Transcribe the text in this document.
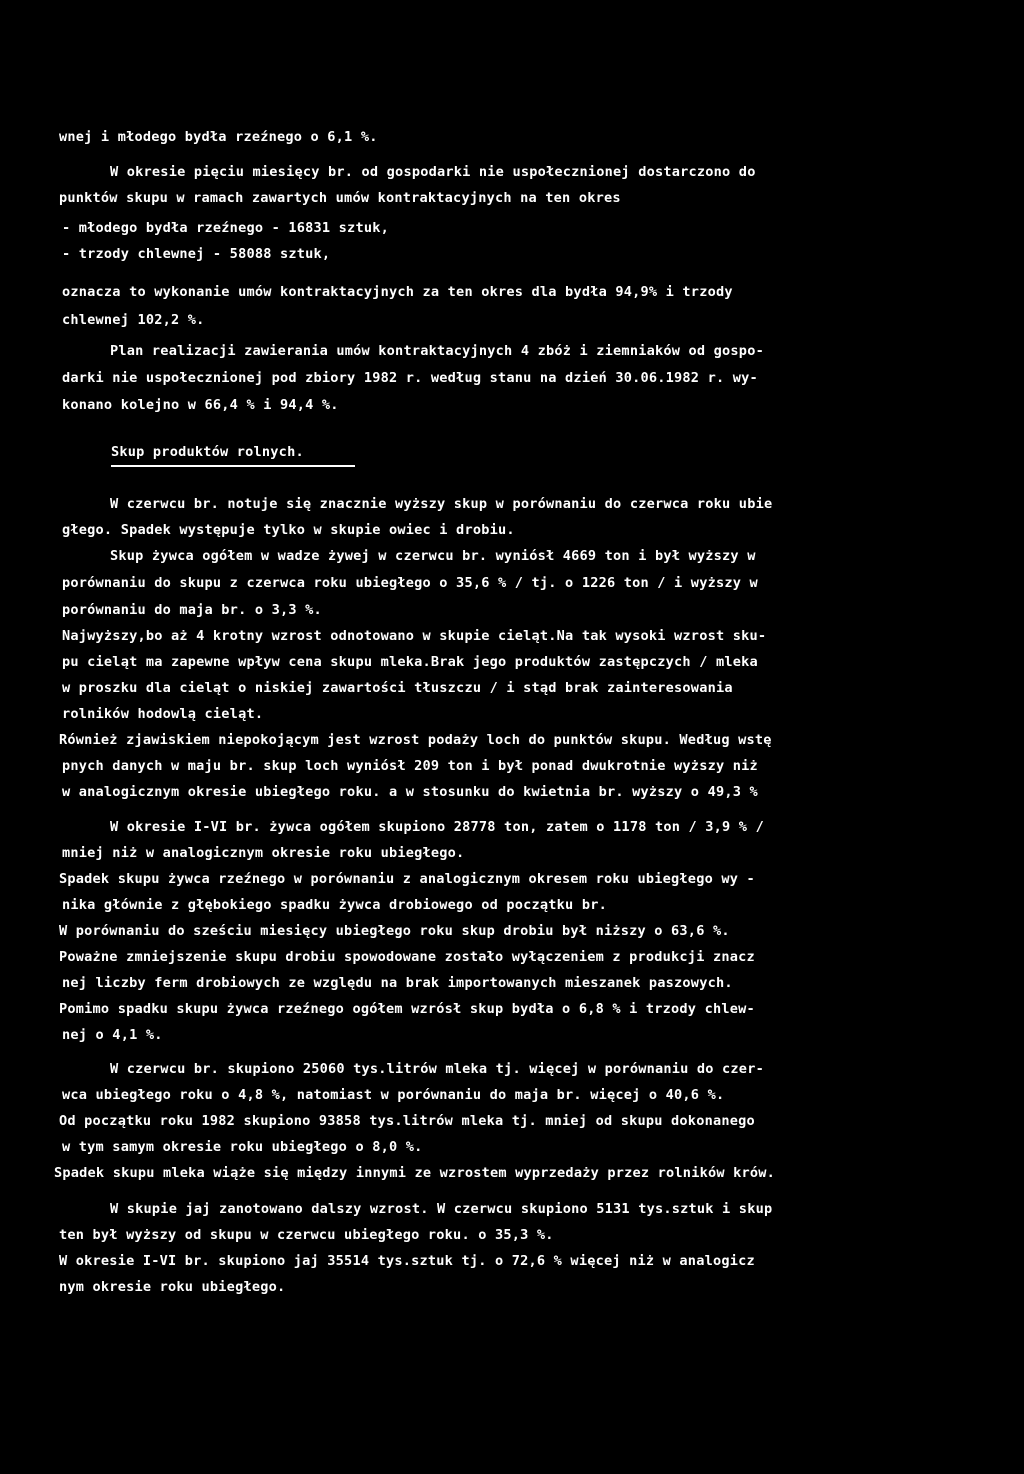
wnej i młodego bydła rzeźnego o 6,1 %.
W okresie pięciu miesięcy br. od gospodarki nie uspołecznionej dostarczono do
punktów skupu w ramach zawartych umów kontraktacyjnych na ten okres
- młodego bydła rzeźnego - 16831 sztuk,
- trzody chlewnej - 58088 sztuk,
oznacza to wykonanie umów kontraktacyjnych za ten okres dla bydła 94,9% i trzody
chlewnej 102,2 %.
Plan realizacji zawierania umów kontraktacyjnych 4 zbóż i ziemniaków od gospo-
darki nie uspołecznionej pod zbiory 1982 r. według stanu na dzień 30.06.1982 r. wy-
konano kolejno w 66,4 % i 94,4 %.
Skup produktów rolnych.
W czerwcu br. notuje się znacznie wyższy skup w porównaniu do czerwca roku ubie
głego. Spadek występuje tylko w skupie owiec i drobiu.
Skup żywca ogółem w wadze żywej w czerwcu br. wyniósł 4669 ton i był wyższy w
porównaniu do skupu z czerwca roku ubiegłego o 35,6 % / tj. o 1226 ton / i wyższy w
porównaniu do maja br. o 3,3 %.
Najwyższy,bo aż 4 krotny wzrost odnotowano w skupie cieląt.Na tak wysoki wzrost sku-
pu cieląt ma zapewne wpływ cena skupu mleka.Brak jego produktów zastępczych / mleka
w proszku dla cieląt o niskiej zawartości tłuszczu / i stąd brak zainteresowania
rolników hodowlą cieląt.
Również zjawiskiem niepokojącym jest wzrost podaży loch do punktów skupu. Według wstę
pnych danych w maju br. skup loch wyniósł 209 ton i był ponad dwukrotnie wyższy niż
w analogicznym okresie ubiegłego roku. a w stosunku do kwietnia br. wyższy o 49,3 %
W okresie I-VI br. żywca ogółem skupiono 28778 ton, zatem o 1178 ton / 3,9 % /
mniej niż w analogicznym okresie roku ubiegłego.
Spadek skupu żywca rzeźnego w porównaniu z analogicznym okresem roku ubiegłego wy -
nika głównie z głębokiego spadku żywca drobiowego od początku br.
W porównaniu do sześciu miesięcy ubiegłego roku skup drobiu był niższy o 63,6 %.
Poważne zmniejszenie skupu drobiu spowodowane zostało wyłączeniem z produkcji znacz
nej liczby ferm drobiowych ze względu na brak importowanych mieszanek paszowych.
Pomimo spadku skupu żywca rzeźnego ogółem wzrósł skup bydła o 6,8 % i trzody chlew-
nej o 4,1 %.
W czerwcu br. skupiono 25060 tys.litrów mleka tj. więcej w porównaniu do czer-
wca ubiegłego roku o 4,8 %, natomiast w porównaniu do maja br. więcej o 40,6 %.
Od początku roku 1982 skupiono 93858 tys.litrów mleka tj. mniej od skupu dokonanego
w tym samym okresie roku ubiegłego o 8,0 %.
Spadek skupu mleka wiąże się między innymi ze wzrostem wyprzedaży przez rolników krów.
W skupie jaj zanotowano dalszy wzrost. W czerwcu skupiono 5131 tys.sztuk i skup
ten był wyższy od skupu w czerwcu ubiegłego roku. o 35,3 %.
W okresie I-VI br. skupiono jaj 35514 tys.sztuk tj. o 72,6 % więcej niż w analogicz
nym okresie roku ubiegłego.
